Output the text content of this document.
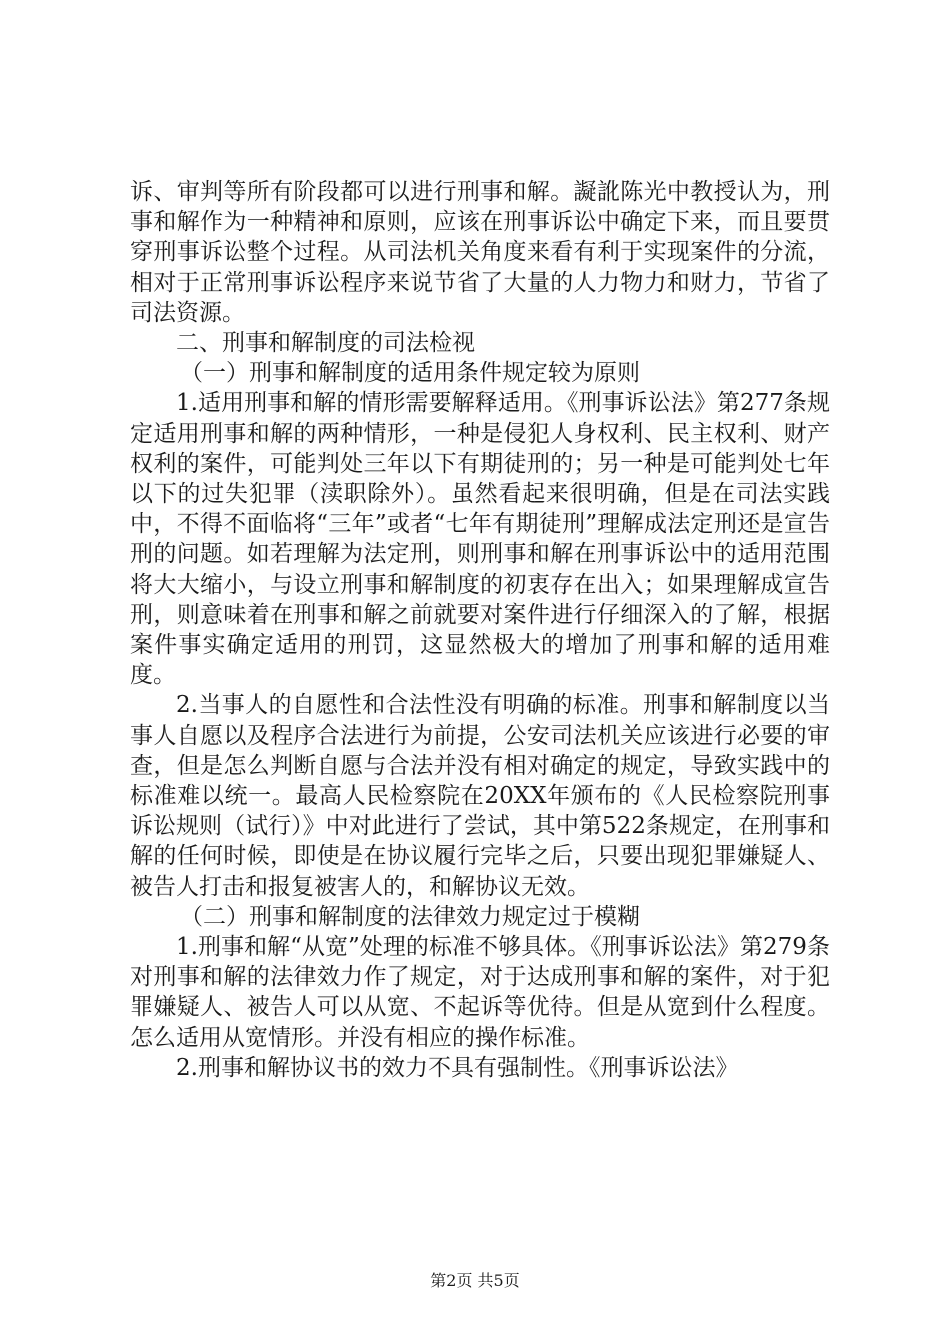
诉、审判等所有阶段都可以进行刑事和解。譺訛陈光中教授认为，刑事和解作为一种精神和原则，应该在刑事诉讼中确定下来，而且要贯穿刑事诉讼整个过程。从司法机关角度来看有利于实现案件的分流，相对于正常刑事诉讼程序来说节省了大量的人力物力和财力，节省了司法资源。

二、刑事和解制度的司法检视

（一）刑事和解制度的适用条件规定较为原则

1.适用刑事和解的情形需要解释适用。《刑事诉讼法》第277条规定适用刑事和解的两种情形，一种是侵犯人身权利、民主权利、财产权利的案件，可能判处三年以下有期徒刑的；另一种是可能判处七年以下的过失犯罪（渎职除外）。虽然看起来很明确，但是在司法实践中，不得不面临将“三年”或者“七年有期徒刑”理解成法定刑还是宣告刑的问题。如若理解为法定刑，则刑事和解在刑事诉讼中的适用范围将大大缩小，与设立刑事和解制度的初衷存在出入；如果理解成宣告刑，则意味着在刑事和解之前就要对案件进行仔细深入的了解，根据案件事实确定适用的刑罚，这显然极大的增加了刑事和解的适用难度。

2.当事人的自愿性和合法性没有明确的标准。刑事和解制度以当事人自愿以及程序合法进行为前提，公安司法机关应该进行必要的审查，但是怎么判断自愿与合法并没有相对确定的规定，导致实践中的标准难以统一。最高人民检察院在20XX年颁布的《人民检察院刑事诉讼规则（试行）》中对此进行了尝试，其中第522条规定，在刑事和解的任何时候，即使是在协议履行完毕之后，只要出现犯罪嫌疑人、被告人打击和报复被害人的，和解协议无效。

（二）刑事和解制度的法律效力规定过于模糊

1.刑事和解“从宽”处理的标准不够具体。《刑事诉讼法》第279条对刑事和解的法律效力作了规定，对于达成刑事和解的案件，对于犯罪嫌疑人、被告人可以从宽、不起诉等优待。但是从宽到什么程度。怎么适用从宽情形。并没有相应的操作标准。

2.刑事和解协议书的效力不具有强制性。《刑事诉讼法》

第2页 共5页
